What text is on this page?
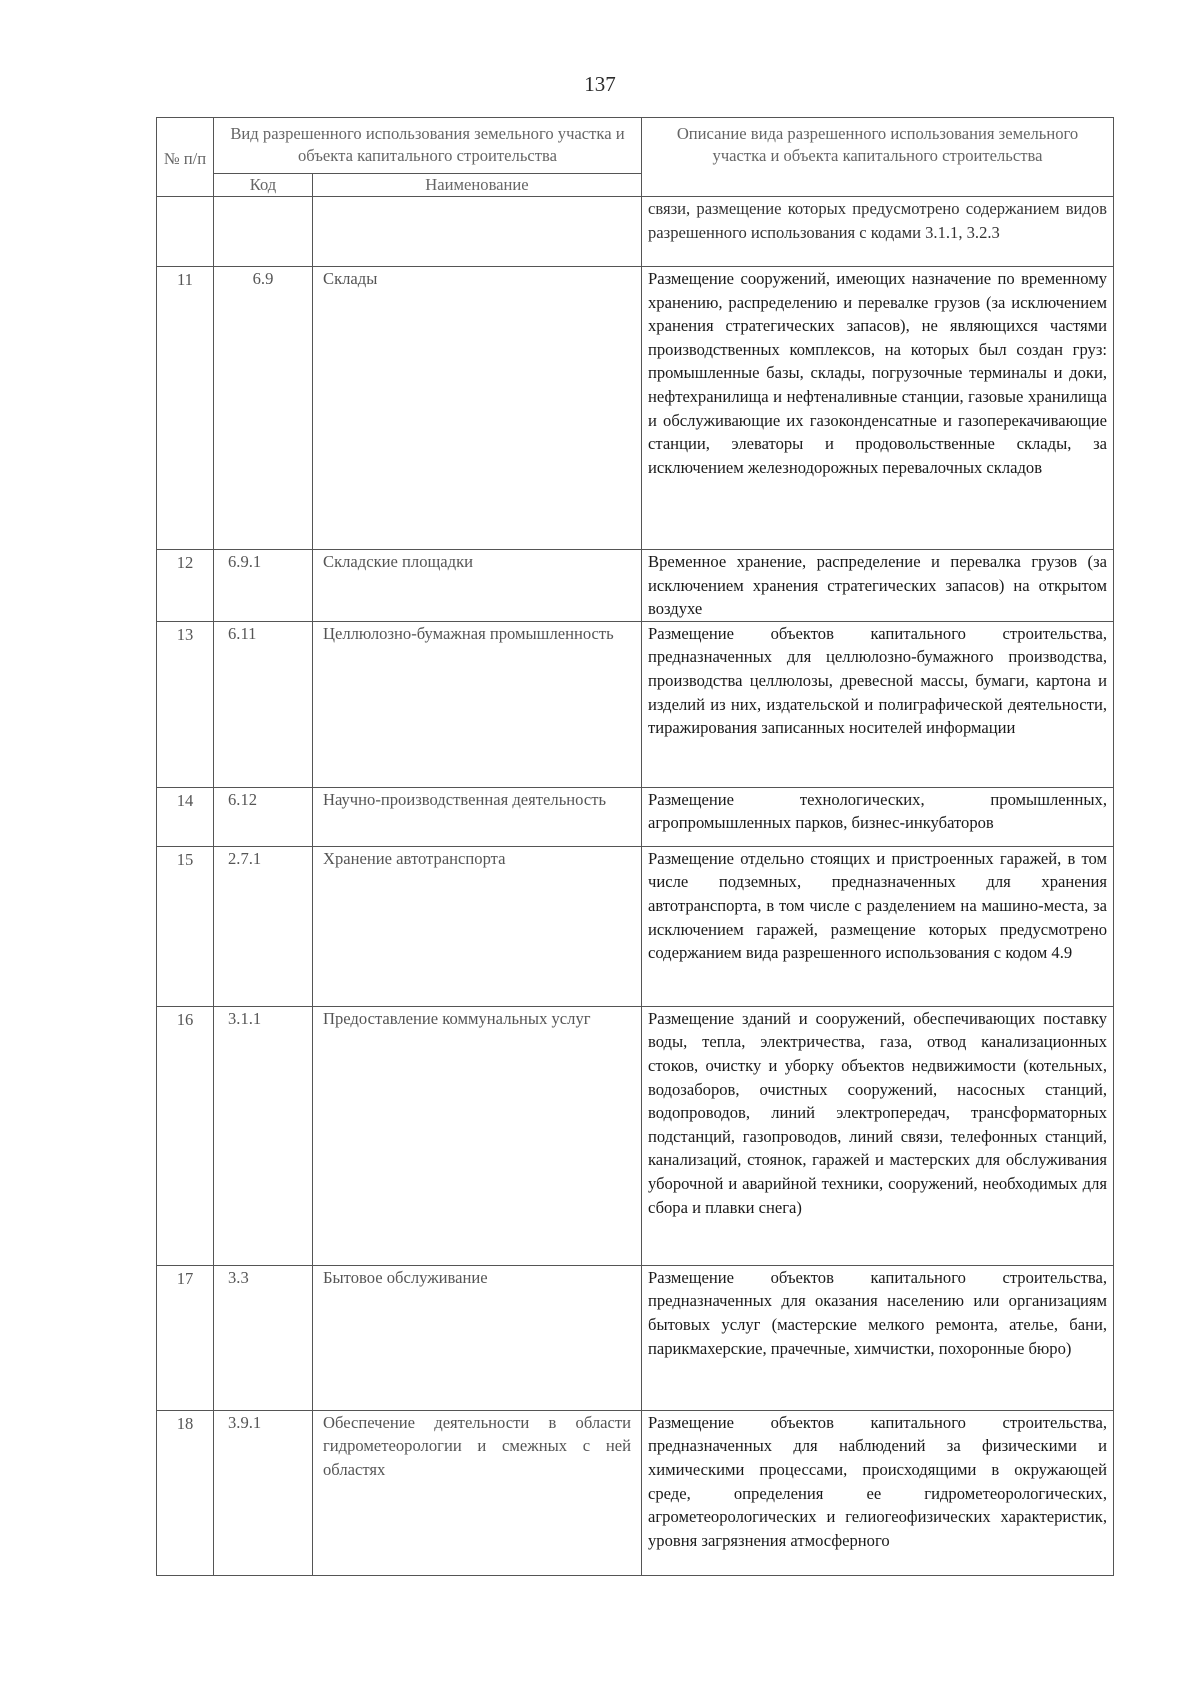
137
№ п/п	Вид разрешенного использования земельного участка и объекта капитального строительства		Описание вида разрешенного использования земельного участка и объекта капитального строительства
	Код	Наименование	
			связи, размещение которых предусмотрено содержанием видов разрешенного использования с кодами 3.1.1, 3.2.3
11	6.9	Склады	Размещение сооружений, имеющих назначение по временному хранению, распределению и перевалке грузов (за исключением хранения стратегических запасов), не являющихся частями производственных комплексов, на которых был создан груз: промышленные базы, склады, погрузочные терминалы и доки, нефтехранилища и нефтеналивные станции, газовые хранилища и обслуживающие их газоконденсатные и газоперекачивающие станции, элеваторы и продовольственные склады, за исключением железнодорожных перевалочных складов
12	6.9.1	Складские площадки	Временное хранение, распределение и перевалка грузов (за исключением хранения стратегических запасов) на открытом воздухе
13	6.11	Целлюлозно-бумажная промышленность	Размещение объектов капитального строительства, предназначенных для целлюлозно-бумажного производства, производства целлюлозы, древесной массы, бумаги, картона и изделий из них, издательской и полиграфической деятельности, тиражирования записанных носителей информации
14	6.12	Научно-производственная деятельность	Размещение технологических, промышленных, агропромышленных парков, бизнес-инкубаторов
15	2.7.1	Хранение автотранспорта	Размещение отдельно стоящих и пристроенных гаражей, в том числе подземных, предназначенных для хранения автотранспорта, в том числе с разделением на машино-места, за исключением гаражей, размещение которых предусмотрено содержанием вида разрешенного использования с кодом 4.9
16	3.1.1	Предоставление коммунальных услуг	Размещение зданий и сооружений, обеспечивающих поставку воды, тепла, электричества, газа, отвод канализационных стоков, очистку и уборку объектов недвижимости (котельных, водозаборов, очистных сооружений, насосных станций, водопроводов, линий электропередач, трансформаторных подстанций, газопроводов, линий связи, телефонных станций, канализаций, стоянок, гаражей и мастерских для обслуживания уборочной и аварийной техники, сооружений, необходимых для сбора и плавки снега)
17	3.3	Бытовое обслуживание	Размещение объектов капитального строительства, предназначенных для оказания населению или организациям бытовых услуг (мастерские мелкого ремонта, ателье, бани, парикмахерские, прачечные, химчистки, похоронные бюро)
18	3.9.1	Обеспечение деятельности в области гидрометеорологии и смежных с ней областях	Размещение объектов капитального строительства, предназначенных для наблюдений за физическими и химическими процессами, происходящими в окружающей среде, определения ее гидрометеорологических, агрометеорологических и гелиогеофизических характеристик, уровня загрязнения атмосферного
